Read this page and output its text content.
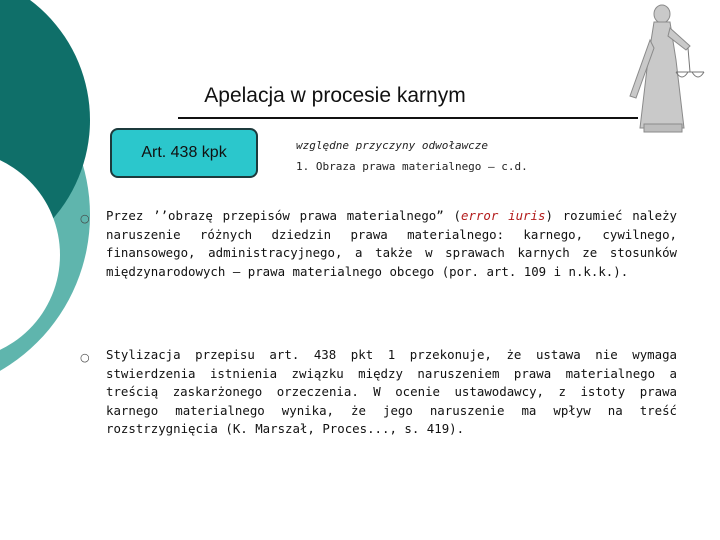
Apelacja w procesie karnym
Art. 438 kpk	względne przyczyny odwoławcze
1. Obraza prawa materialnego – c.d.
○ Przez ’’obrazę przepisów prawa materialnego” (error iuris) rozumieć należy naruszenie różnych dziedzin prawa materialnego: karnego, cywilnego, finansowego, administracyjnego, a także w sprawach karnych ze stosunków międzynarodowych – prawa materialnego obcego (por. art. 109 i n.k.k.).
○ Stylizacja przepisu art. 438 pkt 1 przekonuje, że ustawa nie wymaga stwierdzenia istnienia związku między naruszeniem prawa materialnego a treścią zaskarżonego orzeczenia. W ocenie ustawodawcy, z istoty prawa karnego materialnego wynika, że jego naruszenie ma wpływ na treść rozstrzygnięcia (K. Marszał, Proces..., s. 419).
